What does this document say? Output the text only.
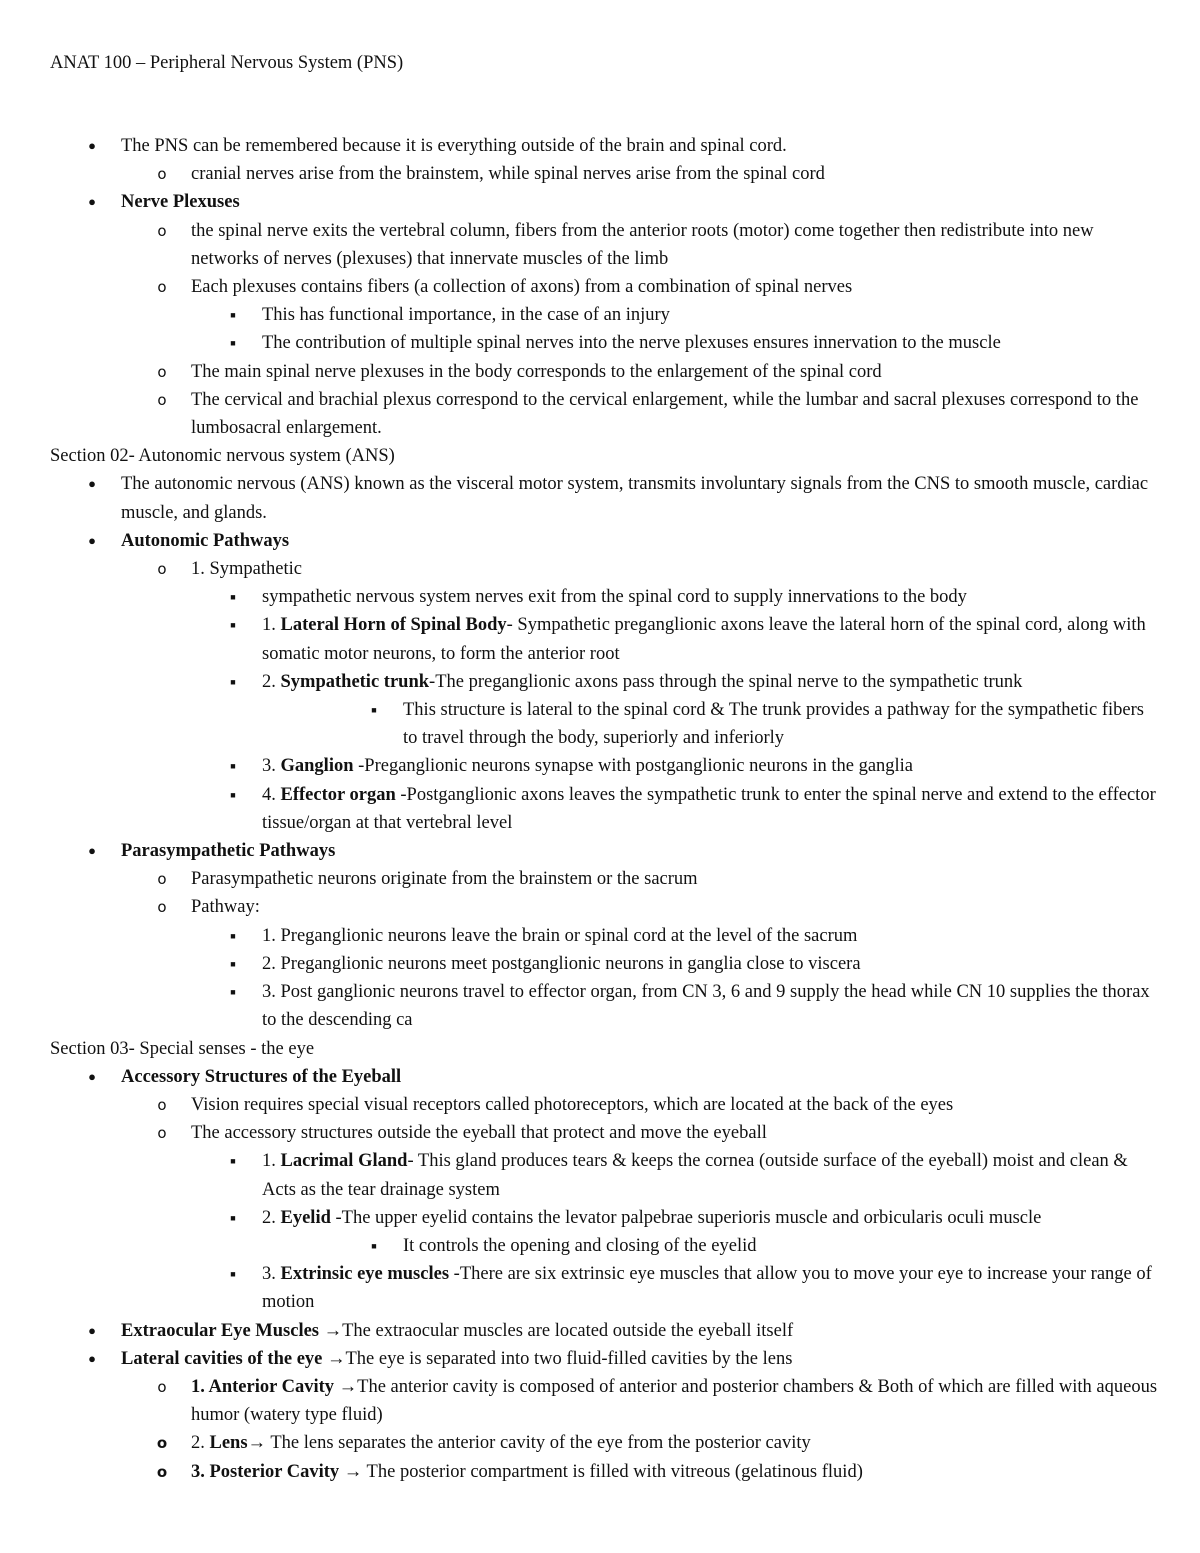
ANAT 100 – Peripheral Nervous System (PNS)
●	The PNS can be remembered because it is everything outside of the brain and spinal cord.
o cranial nerves arise from the brainstem, while spinal nerves arise from the spinal cord
●	Nerve Plexuses
o the spinal nerve exits the vertebral column, fibers from the anterior roots (motor) come together then redistribute into new networks of nerves (plexuses) that innervate muscles of the limb
o Each plexuses contains fibers (a collection of axons) from a combination of spinal nerves
■	This has functional importance, in the case of an injury
■	The contribution of multiple spinal nerves into the nerve plexuses ensures innervation to the muscle
o The main spinal nerve plexuses in the body corresponds to the enlargement of the spinal cord
o The cervical and brachial plexus correspond to the cervical enlargement, while the lumbar and sacral plexuses correspond to the lumbosacral enlargement.
Section 02- Autonomic nervous system (ANS)
●	The autonomic nervous (ANS) known as the visceral motor system, transmits involuntary signals from the CNS to smooth muscle, cardiac muscle, and glands.
●	Autonomic Pathways
o 1. Sympathetic
■	sympathetic nervous system nerves exit from the spinal cord to supply innervations to the body
■	1. Lateral Horn of Spinal Body- Sympathetic preganglionic axons leave the lateral horn of the spinal cord, along with somatic motor neurons, to form the anterior root
■	2. Sympathetic trunk-The preganglionic axons pass through the spinal nerve to the sympathetic trunk
■	This structure is lateral to the spinal cord & The trunk provides a pathway for the sympathetic fibers to travel through the body, superiorly and inferiorly
■	3. Ganglion -Preganglionic neurons synapse with postganglionic neurons in the ganglia
■	4. Effector organ -Postganglionic axons leaves the sympathetic trunk to enter the spinal nerve and extend to the effector tissue/organ at that vertebral level
●	Parasympathetic Pathways
o Parasympathetic neurons originate from the brainstem or the sacrum
o Pathway:
■	1. Preganglionic neurons leave the brain or spinal cord at the level of the sacrum
■	2. Preganglionic neurons meet postganglionic neurons in ganglia close to viscera
■	3. Post ganglionic neurons travel to effector organ, from CN 3, 6 and 9 supply the head while CN 10 supplies the thorax to the descending ca
Section 03- Special senses - the eye
●	Accessory Structures of the Eyeball
o Vision requires special visual receptors called photoreceptors, which are located at the back of the eyes
o The accessory structures outside the eyeball that protect and move the eyeball
■	1. Lacrimal Gland- This gland produces tears & keeps the cornea (outside surface of the eyeball) moist and clean & Acts as the tear drainage system
■	2. Eyelid -The upper eyelid contains the levator palpebrae superioris muscle and orbicularis oculi muscle
■	It controls the opening and closing of the eyelid
■	3. Extrinsic eye muscles -There are six extrinsic eye muscles that allow you to move your eye to increase your range of motion
●	Extraocular Eye Muscles →The extraocular muscles are located outside the eyeball itself
●	Lateral cavities of the eye →The eye is separated into two fluid-filled cavities by the lens
o 1. Anterior Cavity →The anterior cavity is composed of anterior and posterior chambers & Both of which are filled with aqueous humor (watery type fluid)
o 2. Lens→ The lens separates the anterior cavity of the eye from the posterior cavity
o 3. Posterior Cavity → The posterior compartment is filled with vitreous (gelatinous fluid)
